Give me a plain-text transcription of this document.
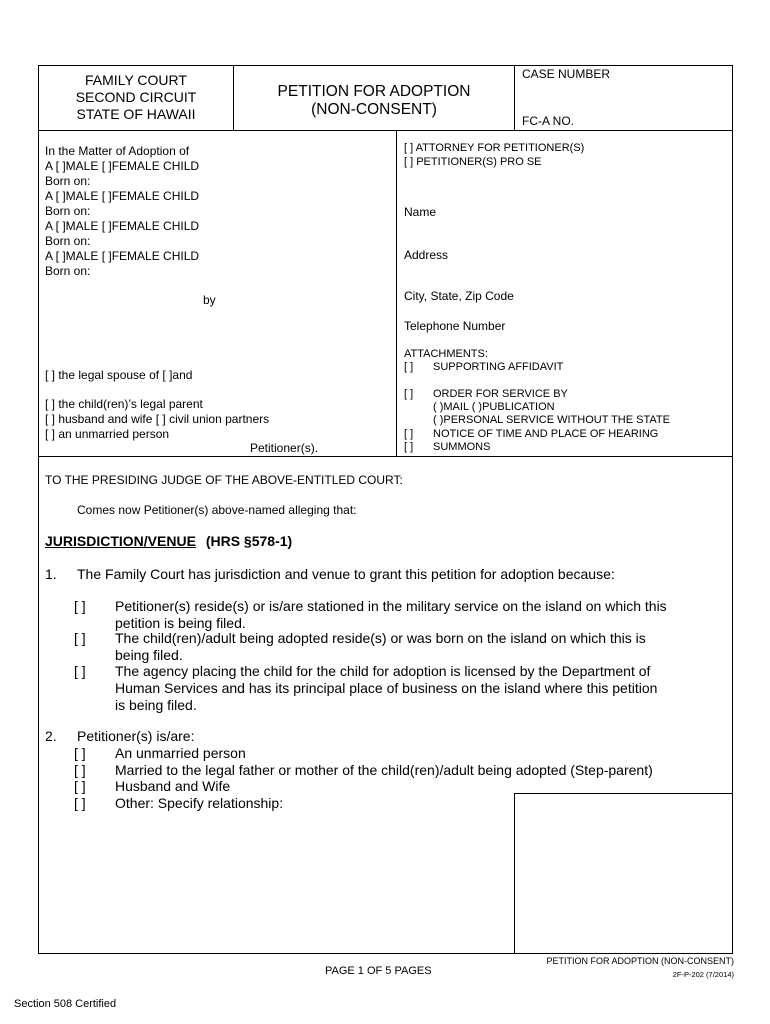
FAMILY COURT
SECOND CIRCUIT
STATE OF HAWAII
PETITION FOR ADOPTION
(NON-CONSENT)
CASE NUMBER
FC-A NO.
In the Matter of Adoption of
A [ ]MALE [ ]FEMALE CHILD
Born on:
A [ ]MALE [ ]FEMALE CHILD
Born on:
A [ ]MALE [ ]FEMALE CHILD
Born on:
A [ ]MALE [ ]FEMALE CHILD
Born on:
by
[ ] the legal spouse of [ ]and
[ ] the child(ren)’s legal parent
[ ] husband and wife [ ] civil union partners
[ ] an unmarried person
Petitioner(s).
[ ] ATTORNEY FOR PETITIONER(S)
[ ] PETITIONER(S) PRO SE
Name
Address
City, State, Zip Code
Telephone Number
ATTACHMENTS:
[ ] SUPPORTING AFFIDAVIT
[ ] ORDER FOR SERVICE BY
( )MAIL ( )PUBLICATION
( )PERSONAL SERVICE WITHOUT THE STATE
[ ] NOTICE OF TIME AND PLACE OF HEARING
[ ] SUMMONS
TO THE PRESIDING JUDGE OF THE ABOVE-ENTITLED COURT:
Comes now Petitioner(s) above-named alleging that:
JURISDICTION/VENUE (HRS §578-1)
1. The Family Court has jurisdiction and venue to grant this petition for adoption because:
[ ] Petitioner(s) reside(s) or is/are stationed in the military service on the island on which this
petition is being filed.
[ ] The child(ren)/adult being adopted reside(s) or was born on the island on which this is
being filed.
[ ] The agency placing the child for the child for adoption is licensed by the Department of
Human Services and has its principal place of business on the island where this petition
is being filed.
2. Petitioner(s) is/are:
[ ] An unmarried person
[ ] Married to the legal father or mother of the child(ren)/adult being adopted (Step-parent)
[ ] Husband and Wife
[ ] Other: Specify relationship:
PAGE 1 OF 5 PAGES
PETITION FOR ADOPTION (NON-CONSENT)
2F-P-202 (7/2014)
Section 508 Certified
